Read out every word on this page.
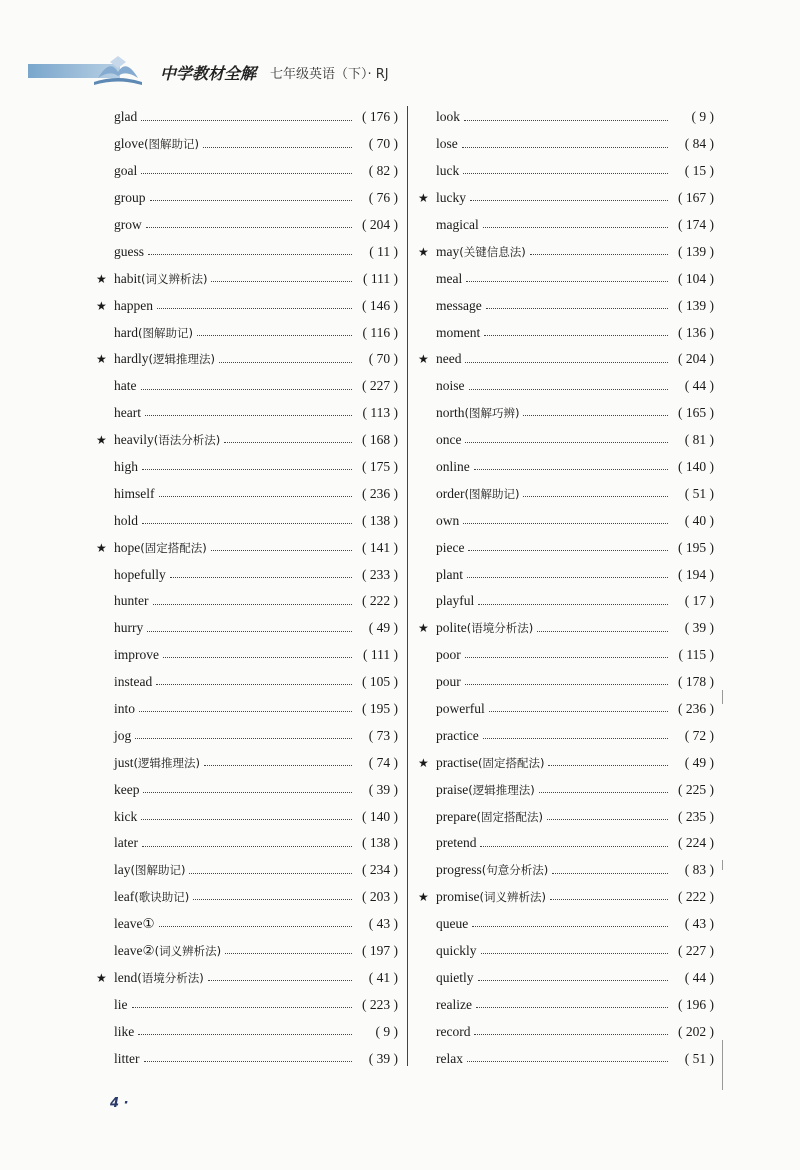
中学教材全解 七年级英语（下）· RJ
glad	( 176 )
glove (图解助记)	( 70 )
goal	( 82 )
group	( 76 )
grow	( 204 )
guess	( 11 )
★ habit (词义辨析法)	( 111 )
★ happen	( 146 )
hard (图解助记)	( 116 )
★ hardly (逻辑推理法)	( 70 )
hate	( 227 )
heart	( 113 )
★ heavily (语法分析法)	( 168 )
high	( 175 )
himself	( 236 )
hold	( 138 )
★ hope (固定搭配法)	( 141 )
hopefully	( 233 )
hunter	( 222 )
hurry	( 49 )
improve	( 111 )
instead	( 105 )
into	( 195 )
jog	( 73 )
just (逻辑推理法)	( 74 )
keep	( 39 )
kick	( 140 )
later	( 138 )
lay (图解助记)	( 234 )
leaf (歌诀助记)	( 203 )
leave①	( 43 )
leave② (词义辨析法)	( 197 )
★ lend (语境分析法)	( 41 )
lie	( 223 )
like	( 9 )
litter	( 39 )
look	( 9 )
lose	( 84 )
luck	( 15 )
★ lucky	( 167 )
magical	( 174 )
★ may (关键信息法)	( 139 )
meal	( 104 )
message	( 139 )
moment	( 136 )
★ need	( 204 )
noise	( 44 )
north (图解巧辨)	( 165 )
once	( 81 )
online	( 140 )
order (图解助记)	( 51 )
own	( 40 )
piece	( 195 )
plant	( 194 )
playful	( 17 )
★ polite (语境分析法)	( 39 )
poor	( 115 )
pour	( 178 )
powerful	( 236 )
practice	( 72 )
★ practise (固定搭配法)	( 49 )
praise (逻辑推理法)	( 225 )
prepare (固定搭配法)	( 235 )
pretend	( 224 )
progress (句意分析法)	( 83 )
★ promise (词义辨析法)	( 222 )
queue	( 43 )
quickly	( 227 )
quietly	( 44 )
realize	( 196 )
record	( 202 )
relax	( 51 )
4 ·
